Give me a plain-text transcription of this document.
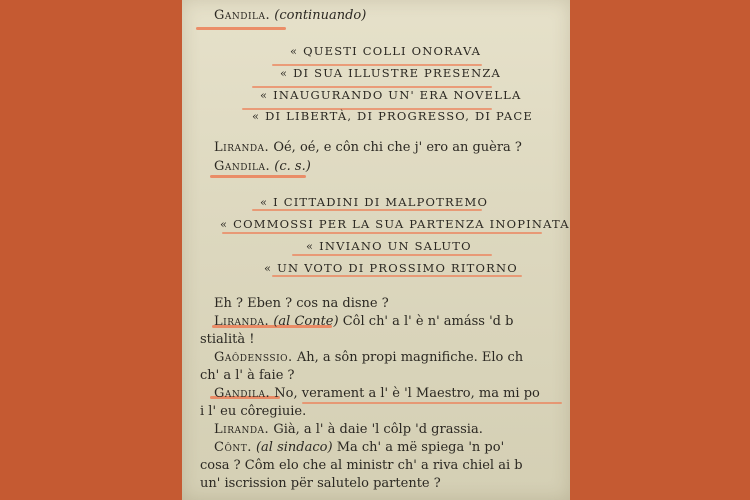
Gandila. (continuando)
« QUESTI COLLI ONORAVA
« DI SUA ILLUSTRE PRESENZA
« INAUGURANDO UN' ERA NOVELLA
« DI LIBERTÀ, DI PROGRESSO, DI PACE
Liranda. Oé, oé, e côn chi che j' ero an guèra ?
Gandila. (c. s.)
« I CITTADINI DI MALPOTREMO
« COMMOSSI PER LA SUA PARTENZA INOPINATA
« INVIANO UN SALUTO
« UN VOTO DI PROSSIMO RITORNO
Eh ? Eben ? cos na disne ?
Liranda. (al Conte) Côl ch' a l' è n' amáss 'd b
stialità !
Gaôdenssio. Ah, a sôn propi magnifiche. Elo ch
ch' a l' à faie ?
Gandila. No, verament a l' è 'l Maestro, ma mi po
i l' eu côregiuie.
Liranda. Già, a l' à daie 'l côlp 'd grassia.
Cônt. (al sindaco) Ma ch' a më spiega 'n po'
cosa ? Côm elo che al ministr ch' a riva chiel ai b
un' iscrission për salutelo partente ?
